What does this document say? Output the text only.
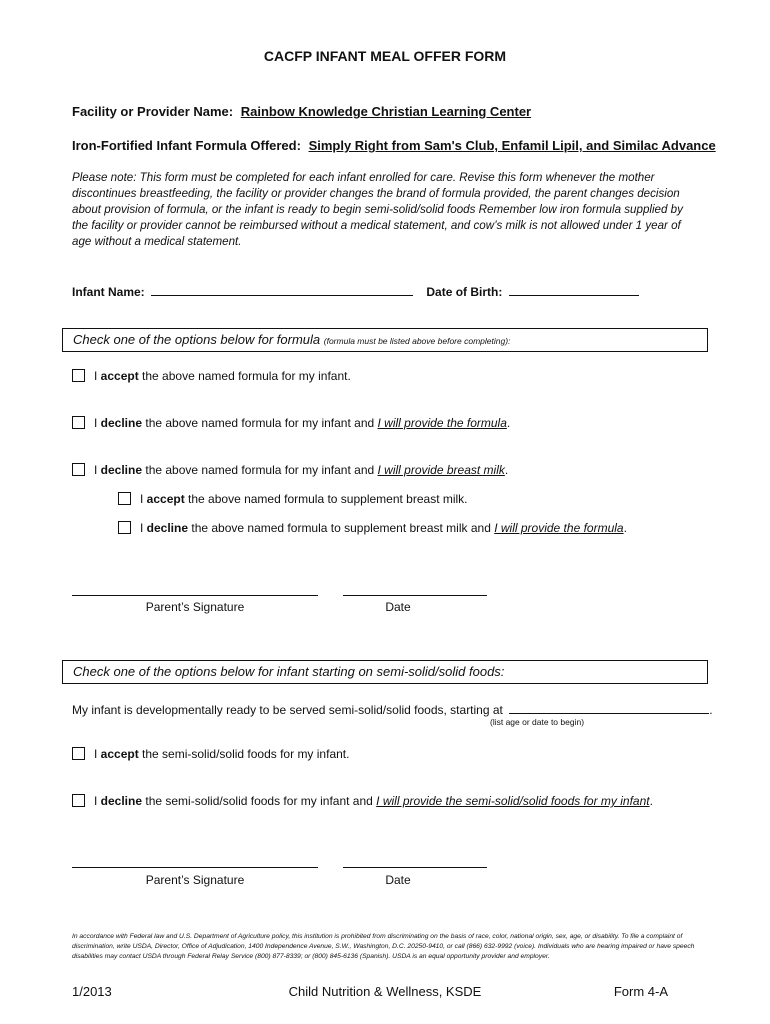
CACFP INFANT MEAL OFFER FORM
Facility or Provider Name: Rainbow Knowledge Christian Learning Center
Iron-Fortified Infant Formula Offered: Simply Right from Sam's Club, Enfamil Lipil, and Similac Advance
Please note: This form must be completed for each infant enrolled for care. Revise this form whenever the mother discontinues breastfeeding, the facility or provider changes the brand of formula provided, the parent changes decision about provision of formula, or the infant is ready to begin semi-solid/solid foods Remember low iron formula supplied by the facility or provider cannot be reimbursed without a medical statement, and cow’s milk is not allowed under 1 year of age without a medical statement.
Infant Name:	Date of Birth:
Check one of the options below for formula (formula must be listed above before completing):
I accept the above named formula for my infant.
I decline the above named formula for my infant and I will provide the formula.
I decline the above named formula for my infant and I will provide breast milk.
I accept the above named formula to supplement breast milk.
I decline the above named formula to supplement breast milk and I will provide the formula.
Parent’s Signature	Date
Check one of the options below for infant starting on semi-solid/solid foods:
My infant is developmentally ready to be served semi-solid/solid foods, starting at	.
(list age or date to begin)
I accept the semi-solid/solid foods for my infant.
I decline the semi-solid/solid foods for my infant and I will provide the semi-solid/solid foods for my infant.
Parent’s Signature	Date
In accordance with Federal law and U.S. Department of Agriculture policy, this institution is prohibited from discriminating on the basis of race, color, national origin, sex, age, or disability. To file a complaint of discrimination, write USDA, Director, Office of Adjudication, 1400 Independence Avenue, S.W., Washington, D.C. 20250-9410, or call (866) 632-9992 (voice). Individuals who are hearing impaired or have speech disabilities may contact USDA through Federal Relay Service (800) 877-8339; or (800) 845-6136 (Spanish). USDA is an equal opportunity provider and employer.
1/2013	Child Nutrition & Wellness, KSDE	Form 4-A
